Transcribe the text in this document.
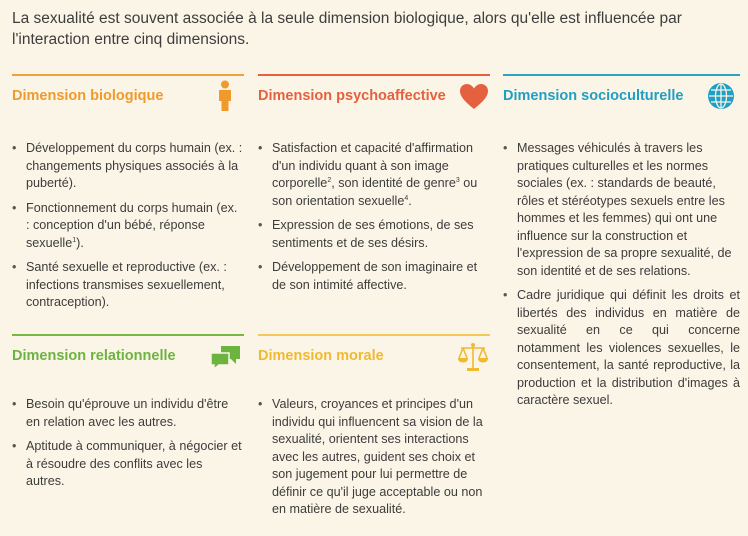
La sexualité est souvent associée à la seule dimension biologique, alors qu'elle est influencée par l'interaction entre cinq dimensions.
Dimension biologique
• Développement du corps humain (ex. : changements physiques associés à la puberté).
• Fonctionnement du corps humain (ex. : conception d'un bébé, réponse sexuelle$^1$).
• Santé sexuelle et reproductive (ex. : infections transmises sexuellement, contraception).
Dimension psychoaffective
• Satisfaction et capacité d'affirmation d'un individu quant à son image corporelle$^2$, son identité de genre$^3$ ou son orientation sexuelle$^4$.
• Expression de ses émotions, de ses sentiments et de ses désirs.
• Développement de son imaginaire et de son intimité affective.
Dimension socioculturelle
• Messages véhiculés à travers les pratiques culturelles et les normes sociales (ex. : standards de beauté, rôles et stéréotypes sexuels entre les hommes et les femmes) qui ont une influence sur la construction et l'expression de sa propre sexualité, de son identité et de ses relations.
• Cadre juridique qui définit les droits et libertés des individus en matière de sexualité en ce qui concerne notamment les violences sexuelles, le consentement, la santé reproductive, la production et la distribution d'images à caractère sexuel.
Dimension relationnelle
• Besoin qu'éprouve un individu d'être en relation avec les autres.
• Aptitude à communiquer, à négocier et à résoudre des conflits avec les autres.
Dimension morale
• Valeurs, croyances et principes d'un individu qui influencent sa vision de la sexualité, orientent ses interactions avec les autres, guident ses choix et son jugement pour lui permettre de définir ce qu'il juge acceptable ou non en matière de sexualité.
